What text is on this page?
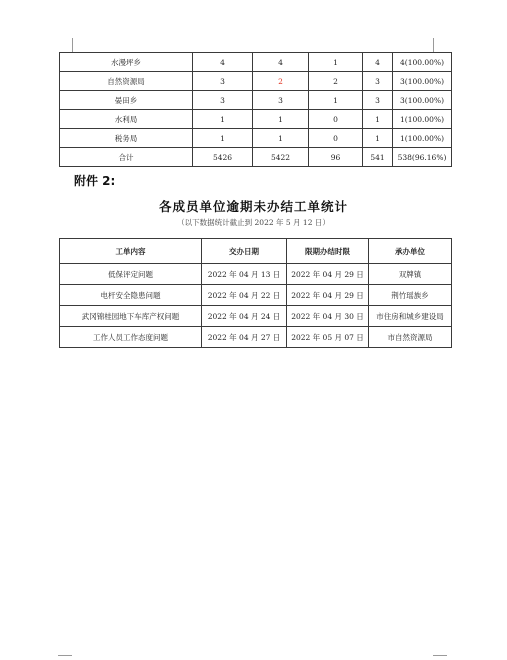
水漫坪乡	4	4	1	4	4(100.00%)
自然资源局	3	2	2	3	3(100.00%)
晏田乡	3	3	1	3	3(100.00%)
水利局	1	1	0	1	1(100.00%)
税务局	1	1	0	1	1(100.00%)
合计	5426	5422	96	541	538(96.16%)
附件 2:
各成员单位逾期未办结工单统计
（以下数据统计截止到 2022 年 5 月 12 日）
工单内容	交办日期	限期办结时限	承办单位
低保评定问题	2022 年 04 月 13 日	2022 年 04 月 29 日	双牌镇
电杆安全隐患问题	2022 年 04 月 22 日	2022 年 04 月 29 日	荆竹瑶族乡
武冈锦桂园地下车库产权问题	2022 年 04 月 24 日	2022 年 04 月 30 日	市住房和城乡建设局
工作人员工作态度问题	2022 年 04 月 27 日	2022 年 05 月 07 日	市自然资源局
